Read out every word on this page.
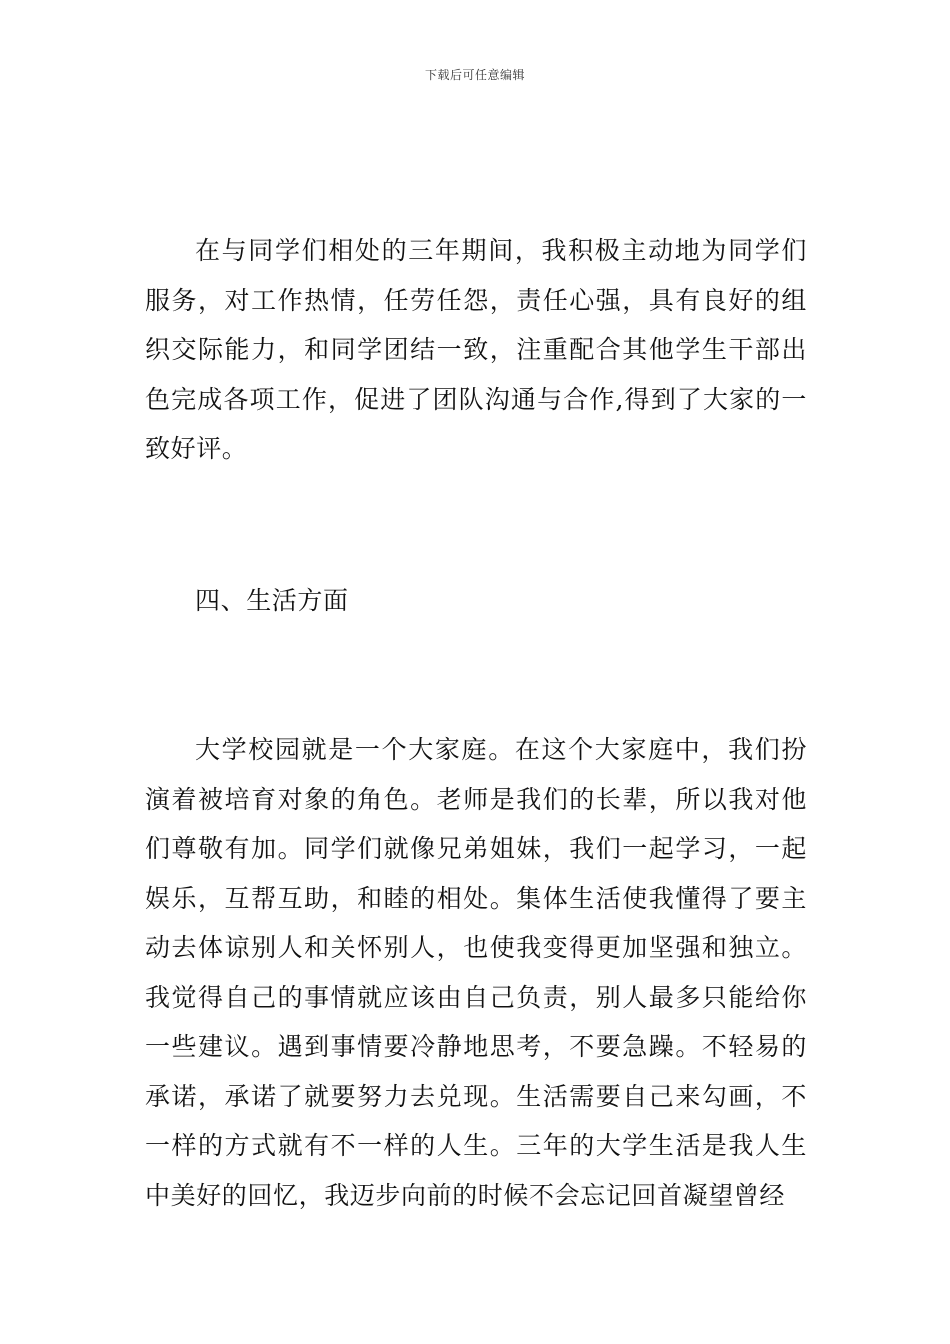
下载后可任意编辑

在与同学们相处的三年期间，我积极主动地为同学们服务，对工作热情，任劳任怨，责任心强，具有良好的组织交际能力，和同学团结一致，注重配合其他学生干部出色完成各项工作，促进了团队沟通与合作,得到了大家的一致好评。

四、生活方面

大学校园就是一个大家庭。在这个大家庭中，我们扮演着被培育对象的角色。老师是我们的长辈，所以我对他们尊敬有加。同学们就像兄弟姐妹，我们一起学习，一起娱乐，互帮互助，和睦的相处。集体生活使我懂得了要主动去体谅别人和关怀别人，也使我变得更加坚强和独立。我觉得自己的事情就应该由自己负责，别人最多只能给你一些建议。遇到事情要冷静地思考，不要急躁。不轻易的承诺，承诺了就要努力去兑现。生活需要自己来勾画，不一样的方式就有不一样的人生。三年的大学生活是我人生中美好的回忆，我迈步向前的时候不会忘记回首凝望曾经
